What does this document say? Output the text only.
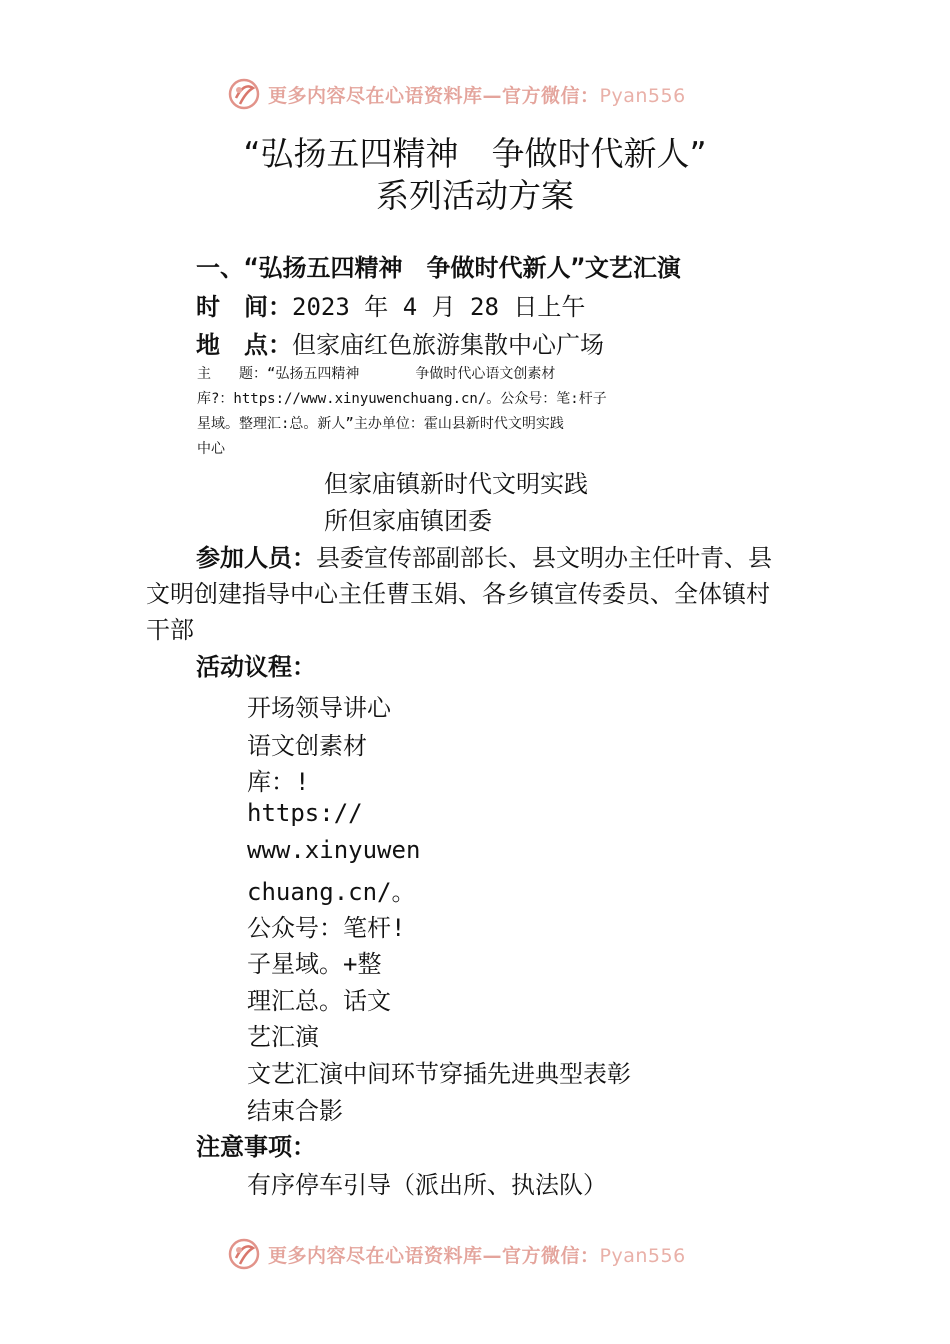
更多内容尽在心语资料库—官方微信：Pyan556
“弘扬五四精神　争做时代新人”
系列活动方案
一、“弘扬五四精神　争做时代新人”文艺汇演
时　间：2023 年 4 月 28 日上午
地　点：但家庙红色旅游集散中心广场
主　　题：“弘扬五四精神　　　　争做时代心语文创素材
库?：https://www.xinyuwenchuang.cn/。公众号：笔:杆子
星域。整理汇:总。新人”主办单位：霍山县新时代文明实践
中心
但家庙镇新时代文明实践
所但家庙镇团委
参加人员：县委宣传部副部长、县文明办主任叶青、县
文明创建指导中心主任曹玉娟、各乡镇宣传委员、全体镇村
干部
活动议程：
开场领导讲心
语文创素材
库：!
https://
www.xinyuwen
chuang.cn/。
公众号：笔杆!
子星域。+整
理汇总。话文
艺汇演
文艺汇演中间环节穿插先进典型表彰
结束合影
注意事项：
有序停车引导（派出所、执法队）
更多内容尽在心语资料库—官方微信：Pyan556
